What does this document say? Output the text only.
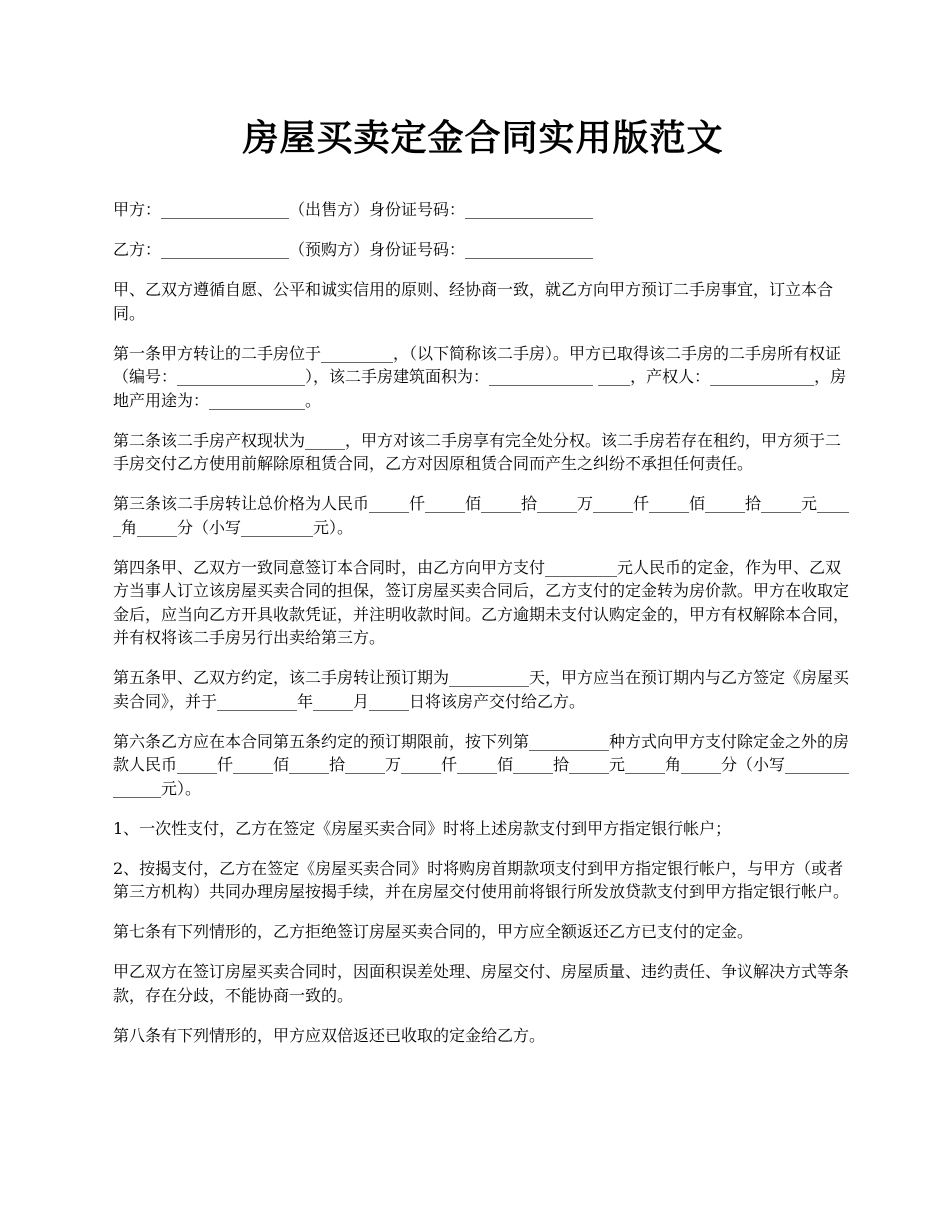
房屋买卖定金合同实用版范文

甲方：________________（出售方）身份证号码：________________

乙方：________________（预购方）身份证号码：________________

甲、乙双方遵循自愿、公平和诚实信用的原则、经协商一致，就乙方向甲方预订二手房事宜，订立本合同。

第一条甲方转让的二手房位于_________，（以下简称该二手房）。甲方已取得该二手房的二手房所有权证（编号：________________），该二手房建筑面积为：_____________ ____，产权人：_____________，房地产用途为：____________。

第二条该二手房产权现状为_____，甲方对该二手房享有完全处分权。该二手房若存在租约，甲方须于二手房交付乙方使用前解除原租赁合同，乙方对因原租赁合同而产生之纠纷不承担任何责任。

第三条该二手房转让总价格为人民币_____仟_____佰_____拾_____万_____仟_____佰_____拾_____元_____角_____分（小写_________元）。

第四条甲、乙双方一致同意签订本合同时，由乙方向甲方支付_________元人民币的定金，作为甲、乙双方当事人订立该房屋买卖合同的担保，签订房屋买卖合同后，乙方支付的定金转为房价款。甲方在收取定金后，应当向乙方开具收款凭证，并注明收款时间。乙方逾期未支付认购定金的，甲方有权解除本合同，并有权将该二手房另行出卖给第三方。

第五条甲、乙双方约定，该二手房转让预订期为__________天，甲方应当在预订期内与乙方签定《房屋买卖合同》，并于__________年_____月_____日将该房产交付给乙方。

第六条乙方应在本合同第五条约定的预订期限前，按下列第__________种方式向甲方支付除定金之外的房款人民币_____仟_____佰_____拾_____万_____仟_____佰_____拾_____元_____角_____分（小写______________元）。

1、一次性支付，乙方在签定《房屋买卖合同》时将上述房款支付到甲方指定银行帐户；

2、按揭支付，乙方在签定《房屋买卖合同》时将购房首期款项支付到甲方指定银行帐户，与甲方（或者第三方机构）共同办理房屋按揭手续，并在房屋交付使用前将银行所发放贷款支付到甲方指定银行帐户。

第七条有下列情形的，乙方拒绝签订房屋买卖合同的，甲方应全额返还乙方已支付的定金。

甲乙双方在签订房屋买卖合同时，因面积误差处理、房屋交付、房屋质量、违约责任、争议解决方式等条款，存在分歧，不能协商一致的。

第八条有下列情形的，甲方应双倍返还已收取的定金给乙方。
